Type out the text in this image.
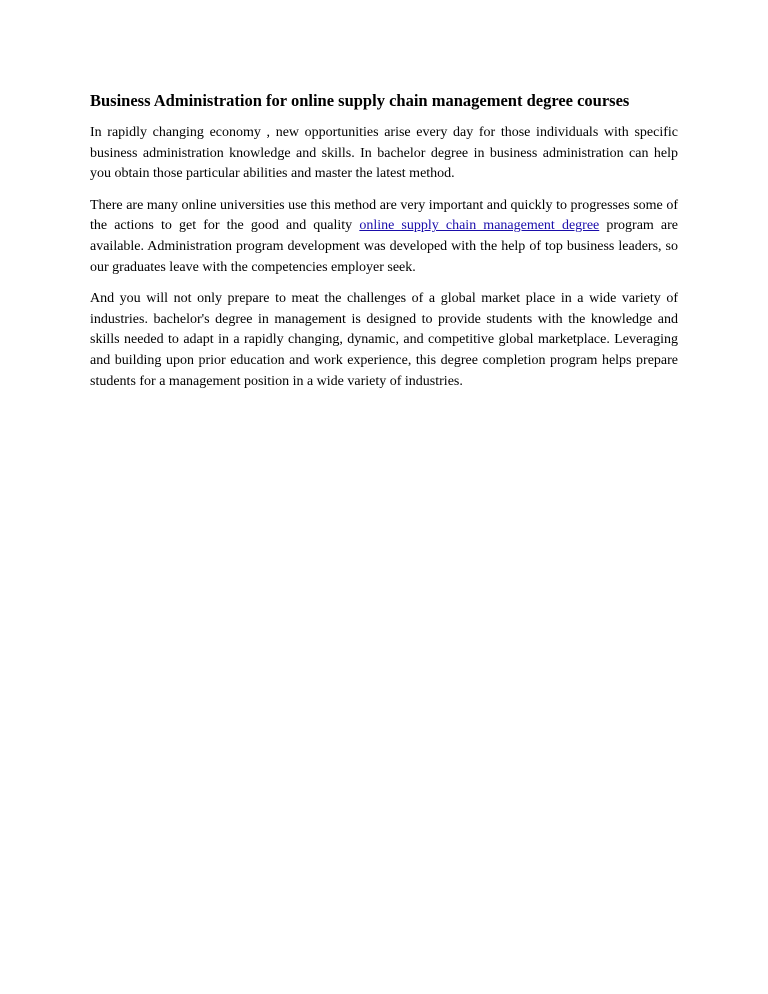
Business Administration for online supply chain management degree courses

In rapidly changing economy , new opportunities arise every day for those individuals with specific business administration knowledge and skills. In bachelor degree in business administration can help you obtain those particular abilities and master the latest method.

There are many online universities use this method are very important and quickly to progresses some of the actions to get for the good and quality online supply chain management degree program are available. Administration program development was developed with the help of top business leaders, so our graduates leave with the competencies employer seek.

And you will not only prepare to meat the challenges of a global market place in a wide variety of industries. bachelor's degree in management is designed to provide students with the knowledge and skills needed to adapt in a rapidly changing, dynamic, and competitive global marketplace. Leveraging and building upon prior education and work experience, this degree completion program helps prepare students for a management position in a wide variety of industries.
